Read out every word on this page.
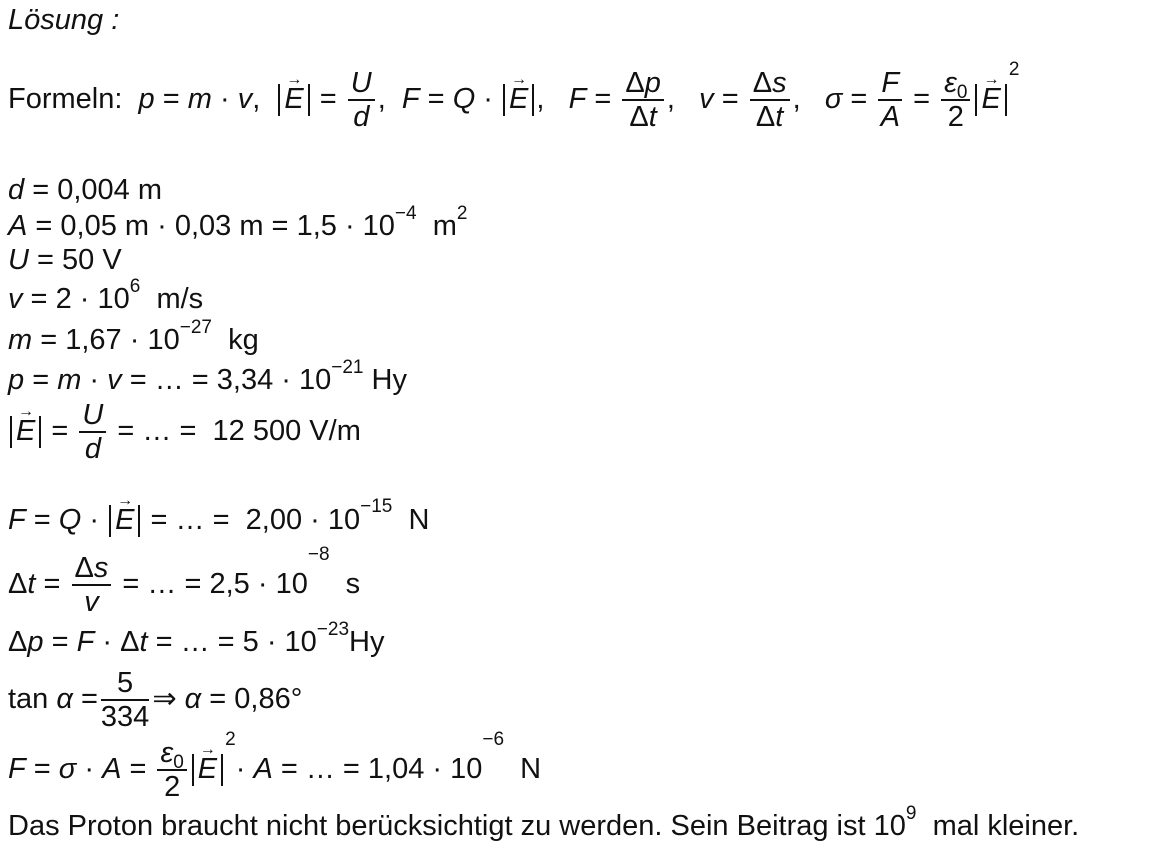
Lösung :
Formeln: p = m · v,  → $E = \frac{U}{d}$ ,  F = Q · → E ,   $F = \frac{\Delta p}{\Delta t}$ ,   $v = \frac{\Delta s}{\Delta t}$ ,   $\sigma = \frac{F}{A} = \frac{\varepsilon_0}{2}$
→ $E^2$
d = 0,004 m
A = 0,05 m · 0,03 $m = 1,5 \cdot 10^{-4}$ $m^2$
U = 50 V
$v = 2 \cdot 10^6$ m/s
$m = 1,67 \cdot 10^{-27}$ kg
p = m · v = … = $3,34 \cdot 10^{-21}$ Hy
→ $E = \frac{U}{d}$ = … =  12 500 V/m
F = Q · → E = … =  $2,00 \cdot 10^{-15}$ N
$\Delta t = \frac{\Delta s}{v}$ = … = $2,5 \cdot 10^{-8}$  s
Δp = F · Δt = … = $5 \cdot 10^{-23}Hy$
$\tan \alpha = \frac{5}{334}$ ⇒ α = 0,86°
$F = \sigma \cdot A = \frac{\varepsilon_0}{2}$
→ $E^2\cdot A$ = … = $1,04 \cdot 10^{-6}$  N
Das Proton braucht nicht berücksichtigt zu werden. Sein Beitrag ist $10^9$ mal kleiner.
